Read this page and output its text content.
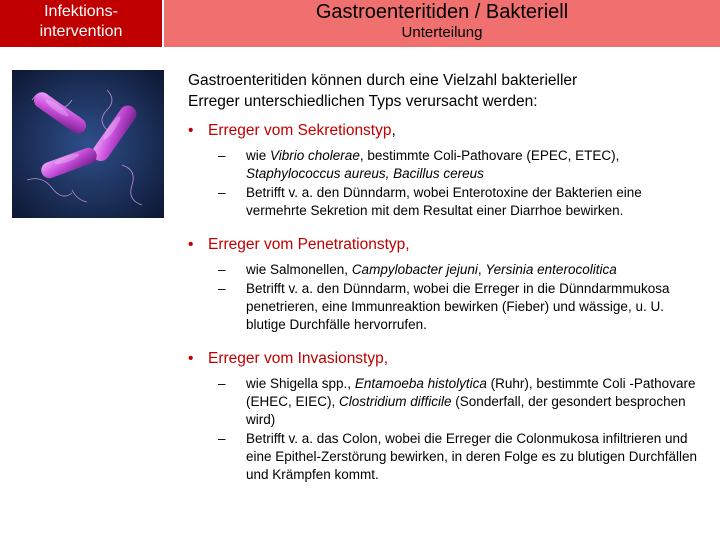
Infektions-
intervention
Gastroenteritiden / Bakteriell
Unterteilung

Gastroenteritiden können durch eine Vielzahl bakterieller
Erreger unterschiedlichen Typs verursacht werden:

• Erreger vom Sekretionstyp,
– wie Vibrio cholerae, bestimmte Coli-Pathovare (EPEC, ETEC),
Staphylococcus aureus, Bacillus cereus
– Betrifft v. a. den Dünndarm, wobei Enterotoxine der Bakterien eine vermehrte Sekretion mit dem Resultat einer Diarrhoe bewirken.
• Erreger vom Penetrationstyp,
– wie Salmonellen, Campylobacter jejuni, Yersinia enterocolitica
– Betrifft v. a. den Dünndarm, wobei die Erreger in die Dünndarmmukosa penetrieren, eine Immunreaktion bewirken (Fieber) und wässige, u. U. blutige Durchfälle hervorrufen.
• Erreger vom Invasionstyp,
– wie Shigella spp., Entamoeba histolytica (Ruhr), bestimmte Coli -Pathovare (EHEC, EIEC), Clostridium difficile (Sonderfall, der gesondert besprochen wird)
– Betrifft v. a. das Colon, wobei die Erreger die Colonmukosa infiltrieren und eine Epithel-Zerstörung bewirken, in deren Folge es zu blutigen Durchfällen und Krämpfen kommt.
